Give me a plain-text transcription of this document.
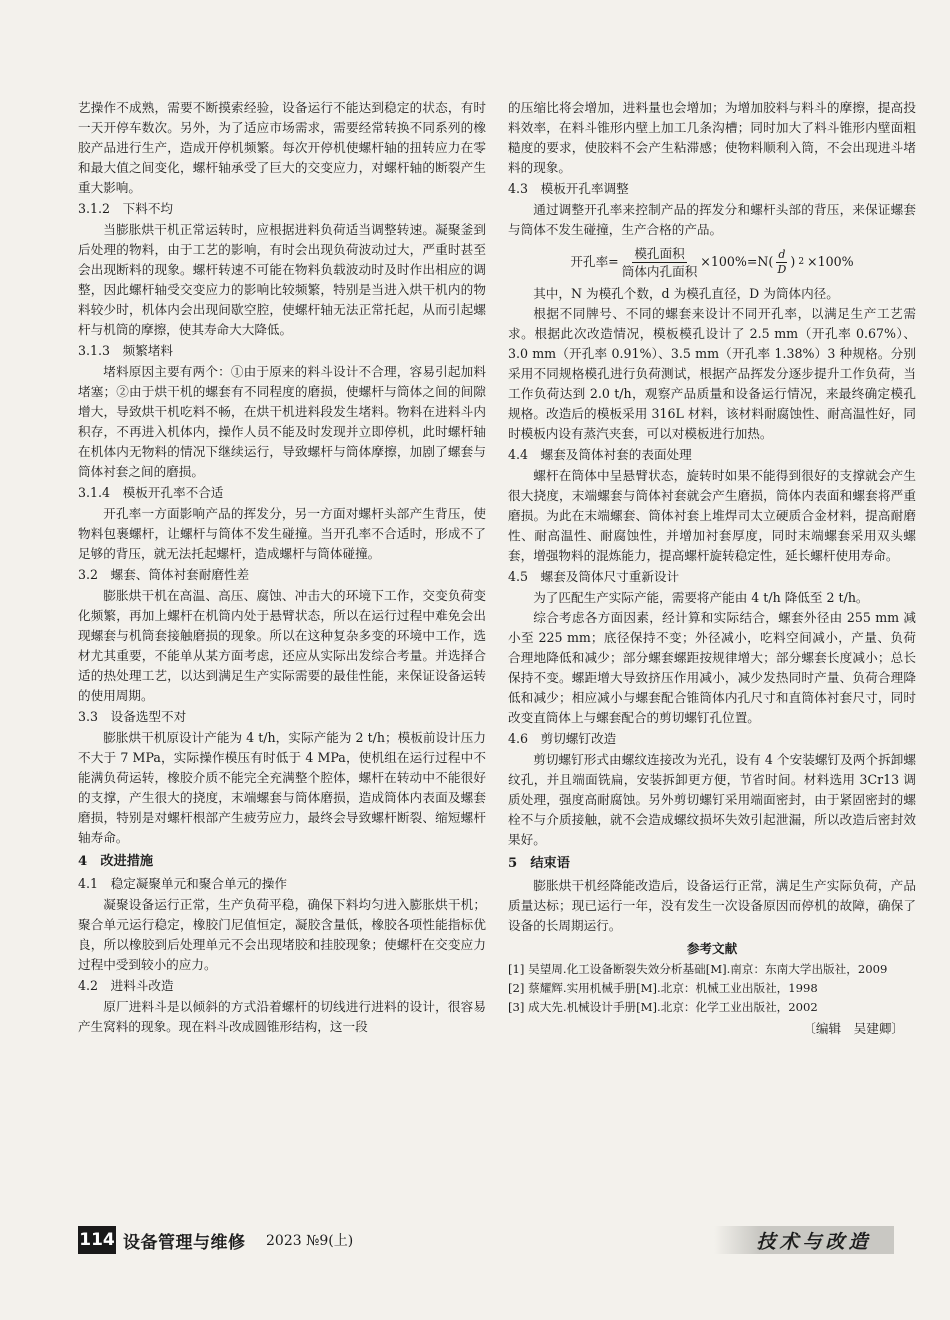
艺操作不成熟，需要不断摸索经验，设备运行不能达到稳定的状态，有时一天开停车数次。另外，为了适应市场需求，需要经常转换不同系列的橡胶产品进行生产，造成开停机频繁。每次开停机使螺杆轴的扭转应力在零和最大值之间变化，螺杆轴承受了巨大的交变应力，对螺杆轴的断裂产生重大影响。

3.1.2　下料不均

当膨胀烘干机正常运转时，应根据进料负荷适当调整转速。凝聚釜到后处理的物料，由于工艺的影响，有时会出现负荷波动过大，严重时甚至会出现断料的现象。螺杆转速不可能在物料负载波动时及时作出相应的调整，因此螺杆轴受交变应力的影响比较频繁，特别是当进入烘干机内的物料较少时，机体内会出现间歇空腔，使螺杆轴无法正常托起，从而引起螺杆与机筒的摩擦，使其寿命大大降低。

3.1.3　频繁堵料

堵料原因主要有两个：①由于原来的料斗设计不合理，容易引起加料堵塞；②由于烘干机的螺套有不同程度的磨损，使螺杆与筒体之间的间隙增大，导致烘干机吃料不畅，在烘干机进料段发生堵料。物料在进料斗内积存，不再进入机体内，操作人员不能及时发现并立即停机，此时螺杆轴在机体内无物料的情况下继续运行，导致螺杆与筒体摩擦，加剧了螺套与筒体衬套之间的磨损。

3.1.4　模板开孔率不合适

开孔率一方面影响产品的挥发分，另一方面对螺杆头部产生背压，使物料包裹螺杆，让螺杆与筒体不发生碰撞。当开孔率不合适时，形成不了足够的背压，就无法托起螺杆，造成螺杆与筒体碰撞。

3.2　螺套、筒体衬套耐磨性差

膨胀烘干机在高温、高压、腐蚀、冲击大的环境下工作，交变负荷变化频繁，再加上螺杆在机筒内处于悬臂状态，所以在运行过程中难免会出现螺套与机筒套接触磨损的现象。所以在这种复杂多变的环境中工作，选材尤其重要，不能单从某方面考虑，还应从实际出发综合考量。并选择合适的热处理工艺，以达到满足生产实际需要的最佳性能，来保证设备运转的使用周期。

3.3　设备选型不对

膨胀烘干机原设计产能为 4 t/h，实际产能为 2 t/h；模板前设计压力不大于 7 MPa，实际操作模压有时低于 4 MPa，使机组在运行过程中不能满负荷运转，橡胶介质不能完全充满整个腔体，螺杆在转动中不能很好的支撑，产生很大的挠度，末端螺套与筒体磨损，造成筒体内表面及螺套磨损，特别是对螺杆根部产生疲劳应力，最终会导致螺杆断裂、缩短螺杆轴寿命。

4　改进措施
4.1　稳定凝聚单元和聚合单元的操作

凝聚设备运行正常，生产负荷平稳，确保下料均匀进入膨胀烘干机；聚合单元运行稳定，橡胶门尼值恒定，凝胶含量低，橡胶各项性能指标优良，所以橡胶到后处理单元不会出现堵胶和挂胶现象；使螺杆在交变应力过程中受到较小的应力。

4.2　进料斗改造

原厂进料斗是以倾斜的方式沿着螺杆的切线进行进料的设计，很容易产生窝料的现象。现在料斗改成圆锥形结构，这一段

的压缩比将会增加，进料量也会增加；为增加胶料与料斗的摩擦，提高投料效率，在料斗锥形内壁上加工几条沟槽；同时加大了料斗锥形内壁面粗糙度的要求，使胶料不会产生粘滞感；使物料顺利入筒，不会出现进斗堵料的现象。

4.3　模板开孔率调整

通过调整开孔率来控制产品的挥发分和螺杆头部的背压，来保证螺套与筒体不发生碰撞，生产合格的产品。

开孔率= $\frac{\text{模孔面积}}{\text{筒体内孔面积}} \times 100\%=N( \frac{d}{D}$ ) 2 ×100%

其中，N 为模孔个数，d 为模孔直径，D 为筒体内径。

根据不同牌号、不同的螺套来设计不同开孔率，以满足生产工艺需求。根据此次改造情况，模板模孔设计了 2.5 mm（开孔率 0.67%）、3.0 mm（开孔率 0.91%）、3.5 mm（开孔率 1.38%）3 种规格。分别采用不同规格模孔进行负荷测试，根据产品挥发分逐步提升工作负荷，当工作负荷达到 2.0 t/h，观察产品质量和设备运行情况，来最终确定模孔规格。改造后的模板采用 316L 材料，该材料耐腐蚀性、耐高温性好，同时模板内设有蒸汽夹套，可以对模板进行加热。

4.4　螺套及筒体衬套的表面处理

螺杆在筒体中呈悬臂状态，旋转时如果不能得到很好的支撑就会产生很大挠度，末端螺套与筒体衬套就会产生磨损，筒体内表面和螺套将严重磨损。为此在末端螺套、筒体衬套上堆焊司太立硬质合金材料，提高耐磨性、耐高温性、耐腐蚀性，并增加衬套厚度，同时末端螺套采用双头螺套，增强物料的混炼能力，提高螺杆旋转稳定性，延长螺杆使用寿命。

4.5　螺套及筒体尺寸重新设计

为了匹配生产实际产能，需要将产能由 4 t/h 降低至 2 t/h。

综合考虑各方面因素，经计算和实际结合，螺套外径由 255 mm 减小至 225 mm；底径保持不变；外径减小，吃料空间减小，产量、负荷合理地降低和减少；部分螺套螺距按规律增大；部分螺套长度减小；总长保持不变。螺距增大导致挤压作用减小，减少发热同时产量、负荷合理降低和减少；相应减小与螺套配合锥筒体内孔尺寸和直筒体衬套尺寸，同时改变直筒体上与螺套配合的剪切螺钉孔位置。

4.6　剪切螺钉改造

剪切螺钉形式由螺纹连接改为光孔，设有 4 个安装螺钉及两个拆卸螺纹孔，并且端面铣扁，安装拆卸更方便，节省时间。材料选用 3Cr13 调质处理，强度高耐腐蚀。另外剪切螺钉采用端面密封，由于紧固密封的螺栓不与介质接触，就不会造成螺纹损坏失效引起泄漏，所以改造后密封效果好。

5　结束语

膨胀烘干机经降能改造后，设备运行正常，满足生产实际负荷，产品质量达标；现已运行一年，没有发生一次设备原因而停机的故障，确保了设备的长周期运行。

参考文献
[1] 吴望周.化工设备断裂失效分析基础[M].南京：东南大学出版社，2009
[2] 蔡耀辉.实用机械手册[M].北京：机械工业出版社，1998
[3] 成大先.机械设计手册[M].北京：化学工业出版社，2002
〔编辑　吴建卿〕
114 设备管理与维修 2023 №9(上)	技术与改造
